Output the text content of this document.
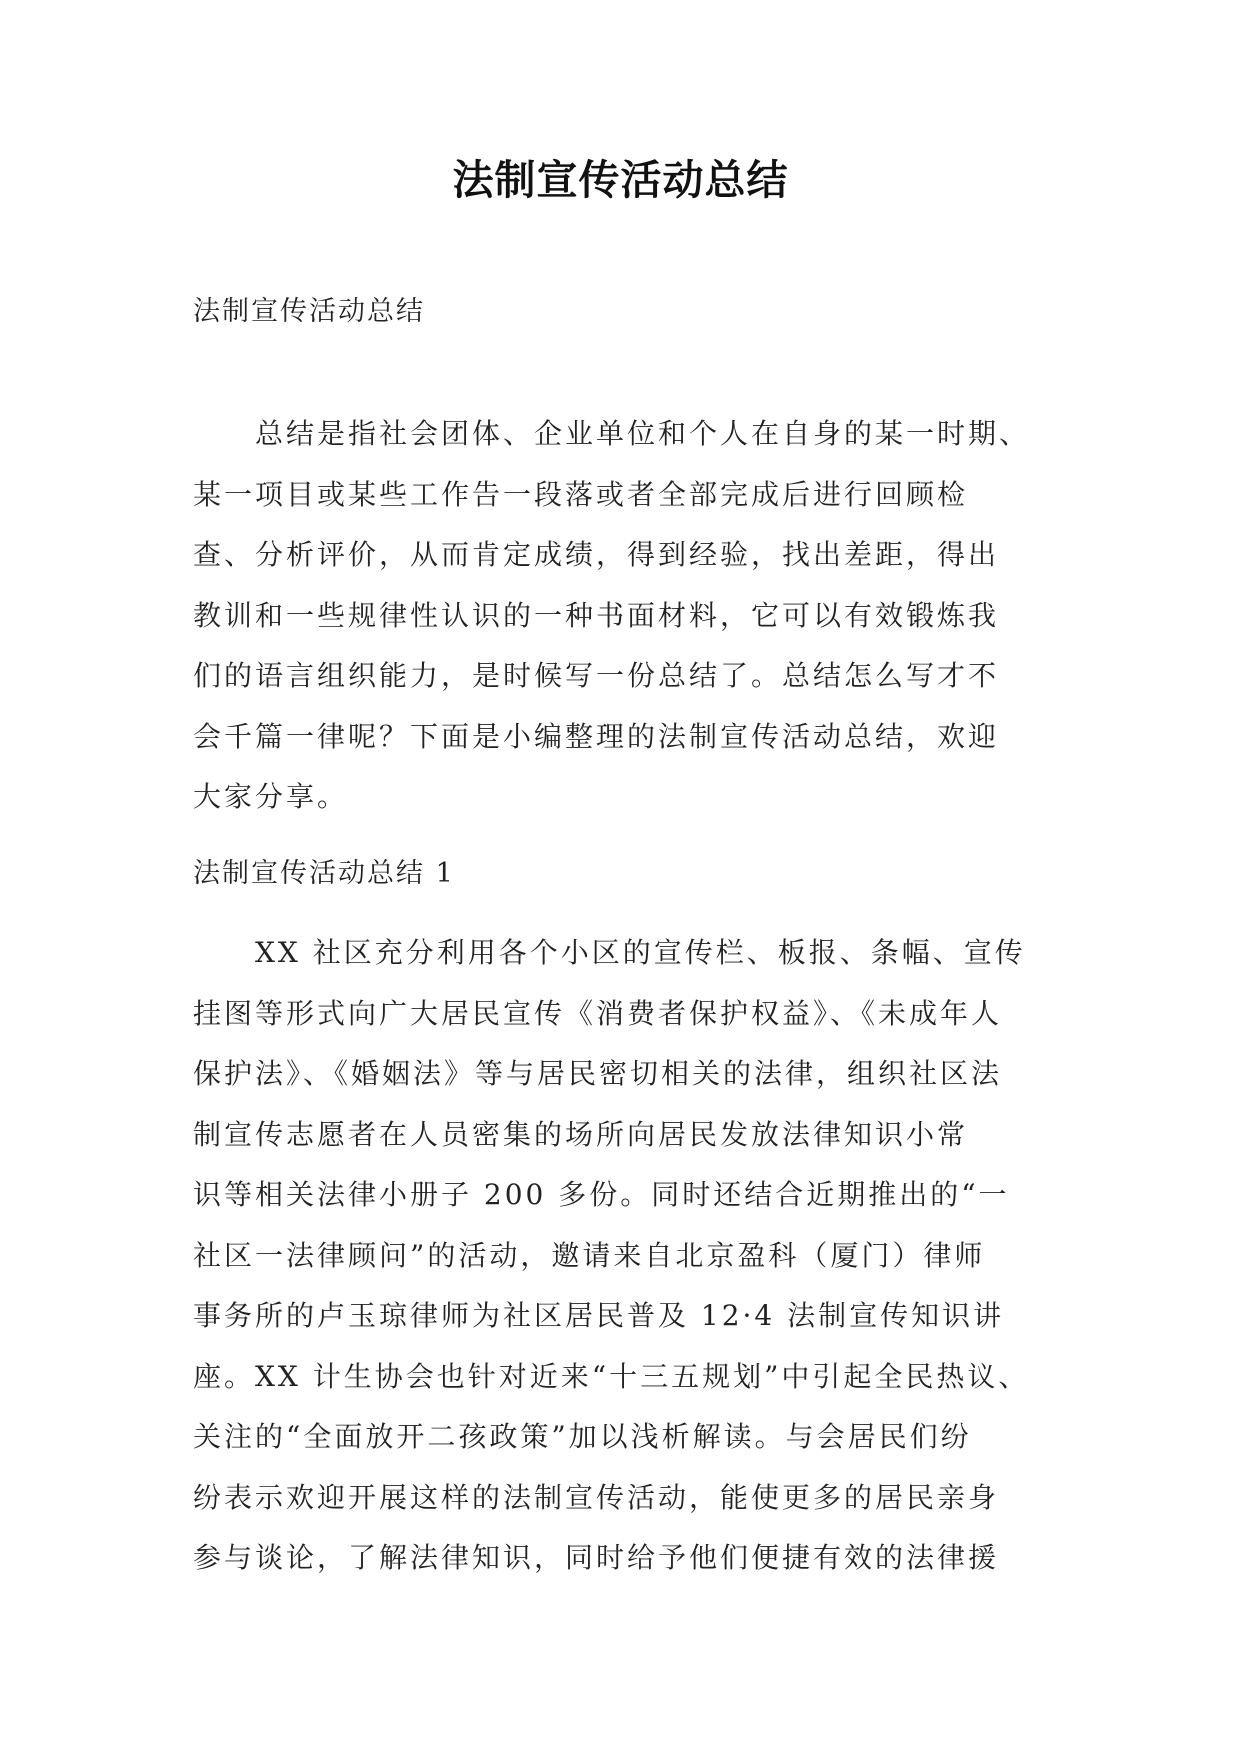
法制宣传活动总结

法制宣传活动总结

　　总结是指社会团体、企业单位和个人在自身的某一时期、
某一项目或某些工作告一段落或者全部完成后进行回顾检
查、分析评价，从而肯定成绩，得到经验，找出差距，得出
教训和一些规律性认识的一种书面材料，它可以有效锻炼我
们的语言组织能力，是时候写一份总结了。总结怎么写才不
会千篇一律呢？下面是小编整理的法制宣传活动总结，欢迎
大家分享。

法制宣传活动总结 1

　　XX 社区充分利用各个小区的宣传栏、板报、条幅、宣传
挂图等形式向广大居民宣传《消费者保护权益》、《未成年人
保护法》、《婚姻法》等与居民密切相关的法律，组织社区法
制宣传志愿者在人员密集的场所向居民发放法律知识小常
识等相关法律小册子 200 多份。同时还结合近期推出的“一
社区一法律顾问”的活动，邀请来自北京盈科（厦门）律师
事务所的卢玉琼律师为社区居民普及 12·4 法制宣传知识讲
座。XX 计生协会也针对近来“十三五规划”中引起全民热议、
关注的“全面放开二孩政策”加以浅析解读。与会居民们纷
纷表示欢迎开展这样的法制宣传活动，能使更多的居民亲身
参与谈论，了解法律知识，同时给予他们便捷有效的法律援
